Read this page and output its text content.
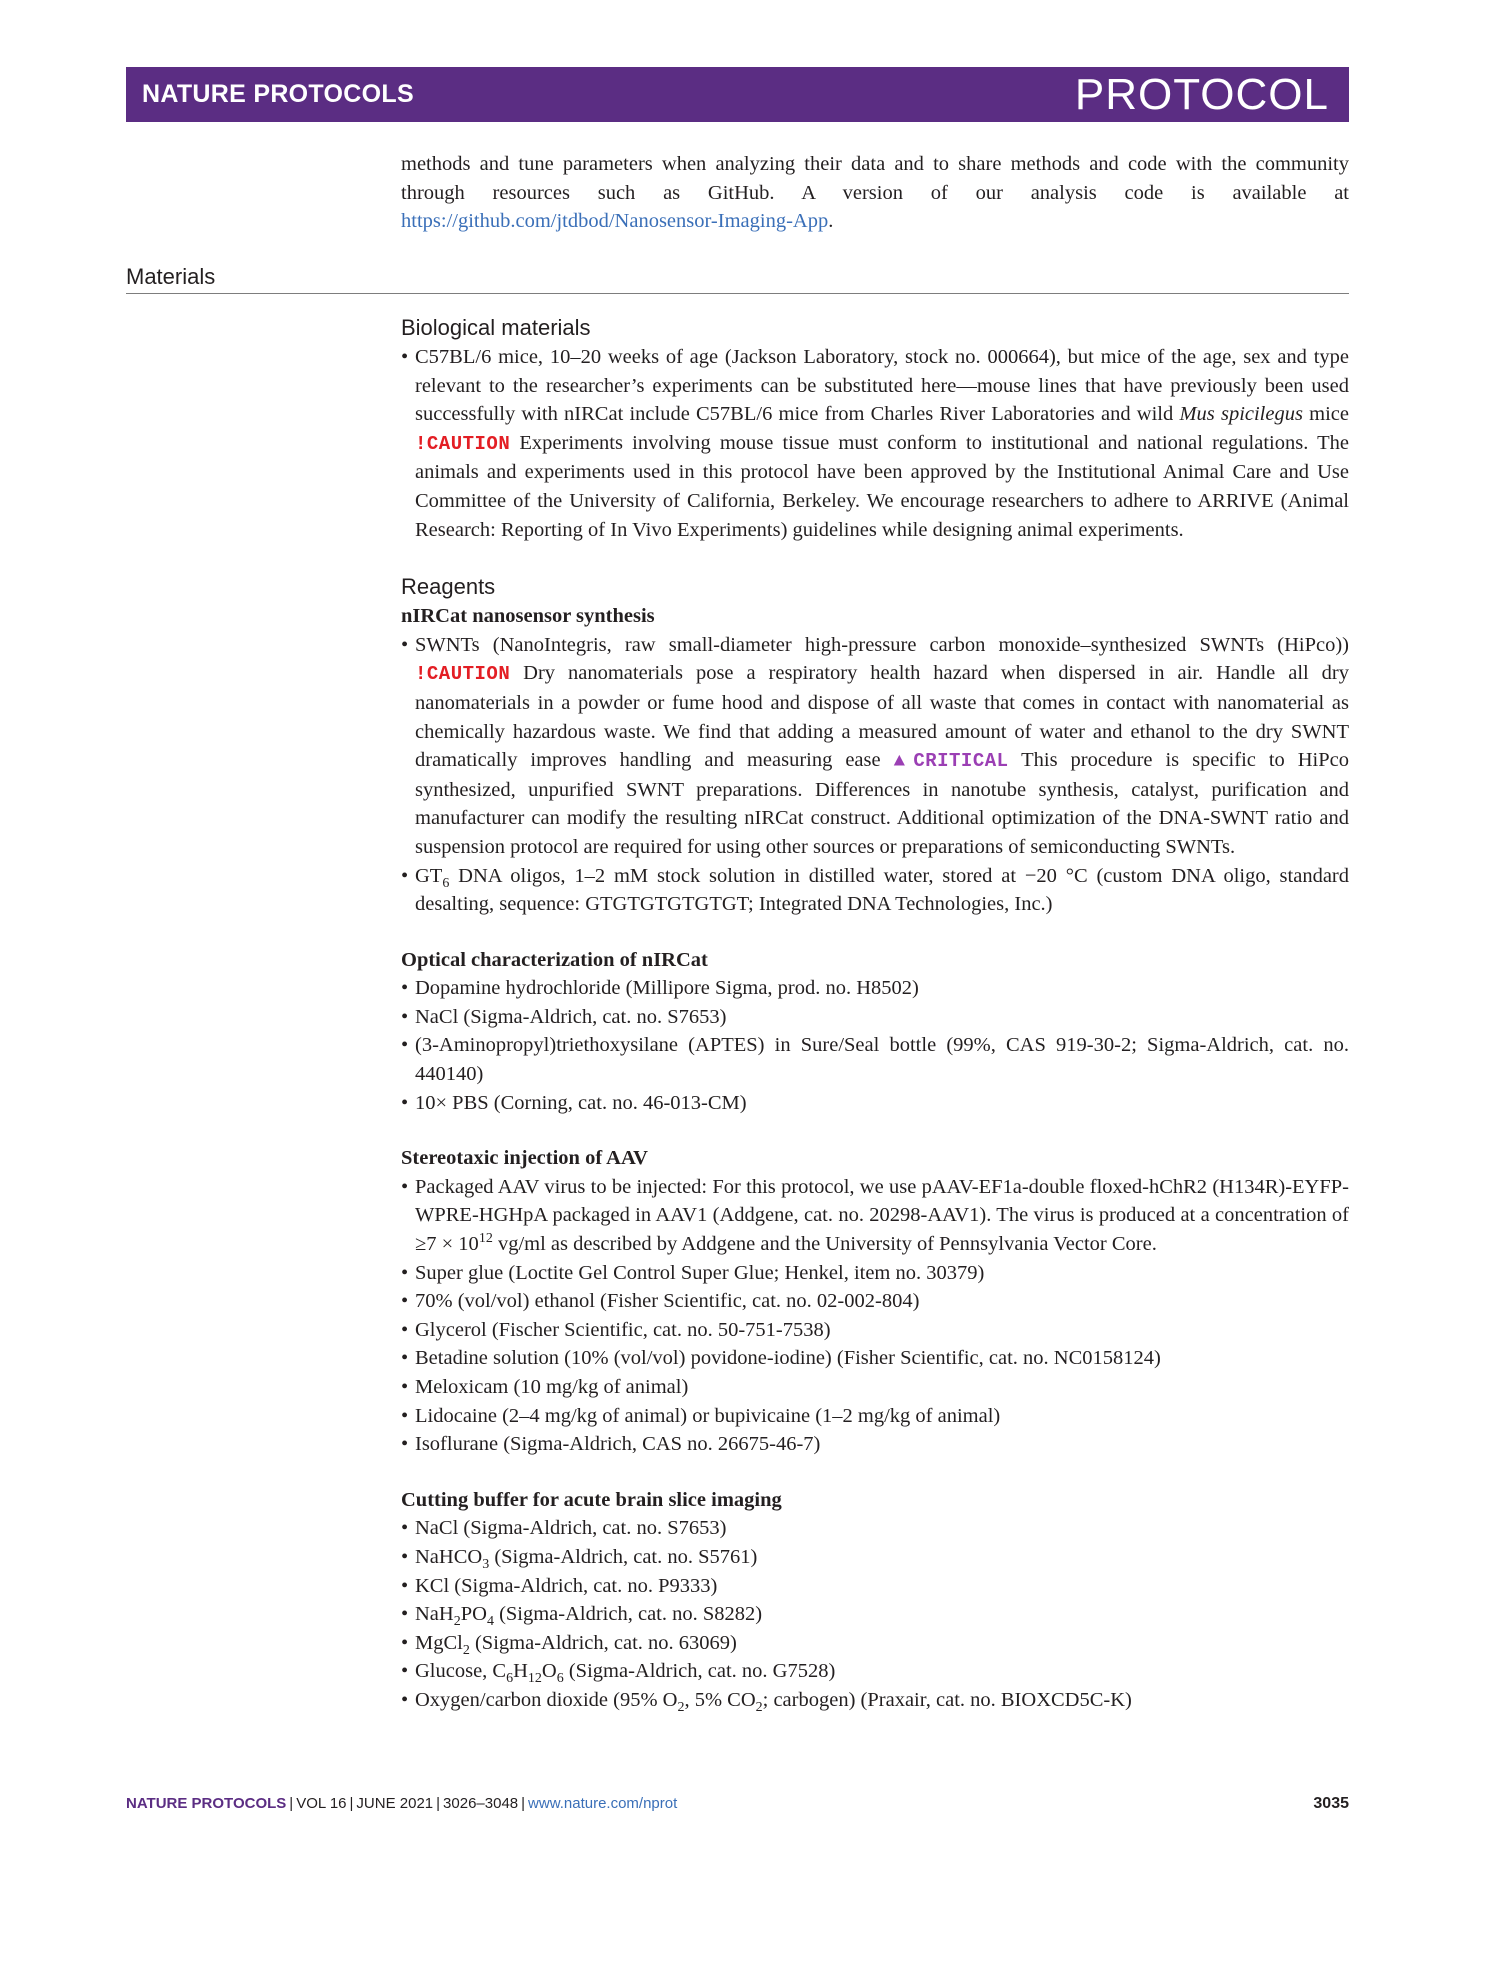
NATURE PROTOCOLS	PROTOCOL
methods and tune parameters when analyzing their data and to share methods and code with the community through resources such as GitHub. A version of our analysis code is available at https://github.com/jtdbod/Nanosensor-Imaging-App.
Materials
Biological materials
• C57BL/6 mice, 10–20 weeks of age (Jackson Laboratory, stock no. 000664), but mice of the age, sex and type relevant to the researcher’s experiments can be substituted here—mouse lines that have previously been used successfully with nIRCat include C57BL/6 mice from Charles River Laboratories and wild Mus spicilegus mice !CAUTION Experiments involving mouse tissue must conform to institutional and national regulations. The animals and experiments used in this protocol have been approved by the Institutional Animal Care and Use Committee of the University of California, Berkeley. We encourage researchers to adhere to ARRIVE (Animal Research: Reporting of In Vivo Experiments) guidelines while designing animal experiments.
Reagents
nIRCat nanosensor synthesis
• SWNTs (NanoIntegris, raw small-diameter high-pressure carbon monoxide–synthesized SWNTs (HiPco)) !CAUTION Dry nanomaterials pose a respiratory health hazard when dispersed in air. Handle all dry nanomaterials in a powder or fume hood and dispose of all waste that comes in contact with nanomaterial as chemically hazardous waste. We find that adding a measured amount of water and ethanol to the dry SWNT dramatically improves handling and measuring ease ▲CRITICAL This procedure is specific to HiPco synthesized, unpurified SWNT preparations. Differences in nanotube synthesis, catalyst, purification and manufacturer can modify the resulting nIRCat construct. Additional optimization of the DNA-SWNT ratio and suspension protocol are required for using other sources or preparations of semiconducting SWNTs.
• $GT_6$ DNA oligos, 1–2 mM stock solution in distilled water, stored at −20 °C (custom DNA oligo, standard desalting, sequence: GTGTGTGTGTGT; Integrated DNA Technologies, Inc.)
Optical characterization of nIRCat
• Dopamine hydrochloride (Millipore Sigma, prod. no. H8502)
• NaCl (Sigma-Aldrich, cat. no. S7653)
• (3-Aminopropyl)triethoxysilane (APTES) in Sure/Seal bottle (99%, CAS 919-30-2; Sigma-Aldrich, cat. no. 440140)
• 10× PBS (Corning, cat. no. 46-013-CM)
Stereotaxic injection of AAV
• Packaged AAV virus to be injected: For this protocol, we use pAAV-EF1a-double floxed-hChR2 (H134R)-EYFP-WPRE-HGHpA packaged in AAV1 (Addgene, cat. no. 20298-AAV1). The virus is produced at a concentration of $\ge 7 \times 10^{12}$ vg/ml as described by Addgene and the University of Pennsylvania Vector Core.
• Super glue (Loctite Gel Control Super Glue; Henkel, item no. 30379)
• 70% (vol/vol) ethanol (Fisher Scientific, cat. no. 02-002-804)
• Glycerol (Fischer Scientific, cat. no. 50-751-7538)
• Betadine solution (10% (vol/vol) povidone-iodine) (Fisher Scientific, cat. no. NC0158124)
• Meloxicam (10 mg/kg of animal)
• Lidocaine (2–4 mg/kg of animal) or bupivicaine (1–2 mg/kg of animal)
• Isoflurane (Sigma-Aldrich, CAS no. 26675-46-7)
Cutting buffer for acute brain slice imaging
• NaCl (Sigma-Aldrich, cat. no. S7653)
• NaHCO$_3$ (Sigma-Aldrich, cat. no. S5761)
• KCl (Sigma-Aldrich, cat. no. P9333)
• $NaH_2PO_4$ (Sigma-Aldrich, cat. no. S8282)
• MgCl$_2$ (Sigma-Aldrich, cat. no. 63069)
• Glucose, $C_6H_{12}O_6$ (Sigma-Aldrich, cat. no. G7528)
• Oxygen/carbon dioxide (95% $O_2$, 5% $CO_2$; carbogen) (Praxair, cat. no. BIOXCD5C-K)
NATURE PROTOCOLS | VOL 16 | JUNE 2021 | 3026–3048 | www.nature.com/nprot	3035
